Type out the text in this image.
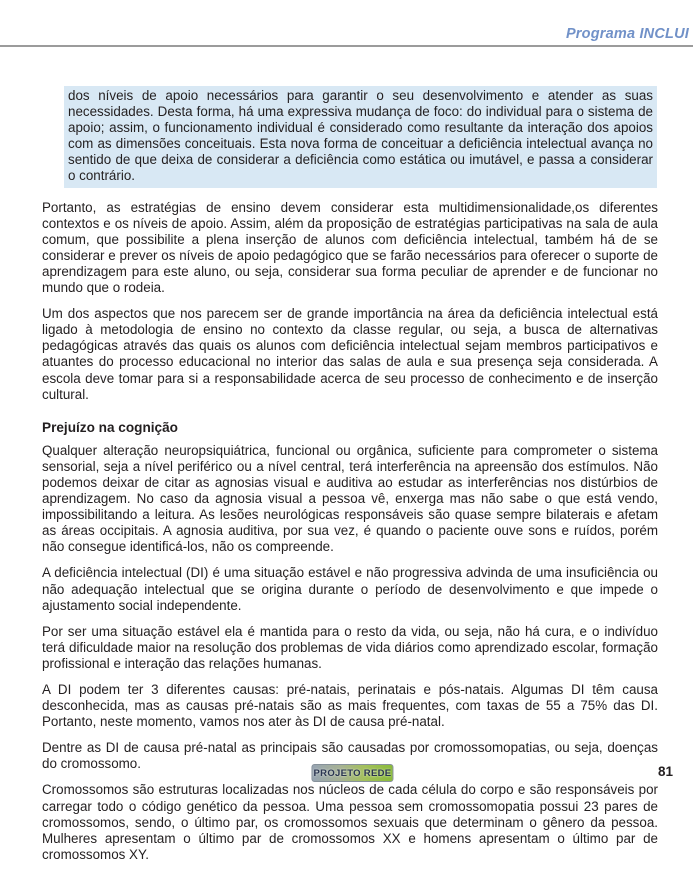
Programa INCLUI
dos níveis de apoio necessários para garantir o seu desenvolvimento e atender as suas necessidades. Desta forma, há uma expressiva mudança de foco: do individual para o sistema de apoio; assim, o funcionamento individual é considerado como resultante da interação dos apoios com as dimensões conceituais. Esta nova forma de conceituar a deficiência intelectual avança no sentido de que deixa de considerar a deficiência como estática ou imutável, e passa a considerar o contrário.

Portanto, as estratégias de ensino devem considerar esta multidimensionalidade,os diferentes contextos e os níveis de apoio. Assim, além da proposição de estratégias participativas na sala de aula comum, que possibilite a plena inserção de alunos com deficiência intelectual, também há de se considerar e prever os níveis de apoio pedagógico que se farão necessários para oferecer o suporte de aprendizagem para este aluno, ou seja, considerar sua forma peculiar de aprender e de funcionar no mundo que o rodeia.

Um dos aspectos que nos parecem ser de grande importância na área da deficiência intelectual está ligado à metodologia de ensino no contexto da classe regular, ou seja, a busca de alternativas pedagógicas através das quais os alunos com deficiência intelectual sejam membros participativos e atuantes do processo educacional no interior das salas de aula e sua presença seja considerada. A escola deve tomar para si a responsabilidade acerca de seu processo de conhecimento e de inserção cultural.

Prejuízo na cognição

Qualquer alteração neuropsiquiátrica, funcional ou orgânica, suficiente para comprometer o sistema sensorial, seja a nível periférico ou a nível central, terá interferência na apreensão dos estímulos. Não podemos deixar de citar as agnosias visual e auditiva ao estudar as interferências nos distúrbios de aprendizagem. No caso da agnosia visual a pessoa vê, enxerga mas não sabe o que está vendo, impossibilitando a leitura. As lesões neurológicas responsáveis são quase sempre bilaterais e afetam as áreas occipitais. A agnosia auditiva, por sua vez, é quando o paciente ouve sons e ruídos, porém não consegue identificá-los, não os compreende.

A deficiência intelectual (DI) é uma situação estável e não progressiva advinda de uma insuficiência ou não adequação intelectual que se origina durante o período de desenvolvimento e que impede o ajustamento social independente.

Por ser uma situação estável ela é mantida para o resto da vida, ou seja, não há cura, e o indivíduo terá dificuldade maior na resolução dos problemas de vida diários como aprendizado escolar, formação profissional e interação das relações humanas.

A DI podem ter 3 diferentes causas: pré-natais, perinatais e pós-natais. Algumas DI têm causa desconhecida, mas as causas pré-natais são as mais frequentes, com taxas de 55 a 75% das DI. Portanto, neste momento, vamos nos ater às DI de causa pré-natal.

Dentre as DI de causa pré-natal as principais são causadas por cromossomopatias, ou seja, doenças do cromossomo.

Cromossomos são estruturas localizadas nos núcleos de cada célula do corpo e são responsáveis por carregar todo o código genético da pessoa. Uma pessoa sem cromossomopatia possui 23 pares de cromossomos, sendo, o último par, os cromossomos sexuais que determinam o gênero da pessoa. Mulheres apresentam o último par de cromossomos XX e homens apresentam o último par de cromossomos XY.

PROJETO REDE	81
